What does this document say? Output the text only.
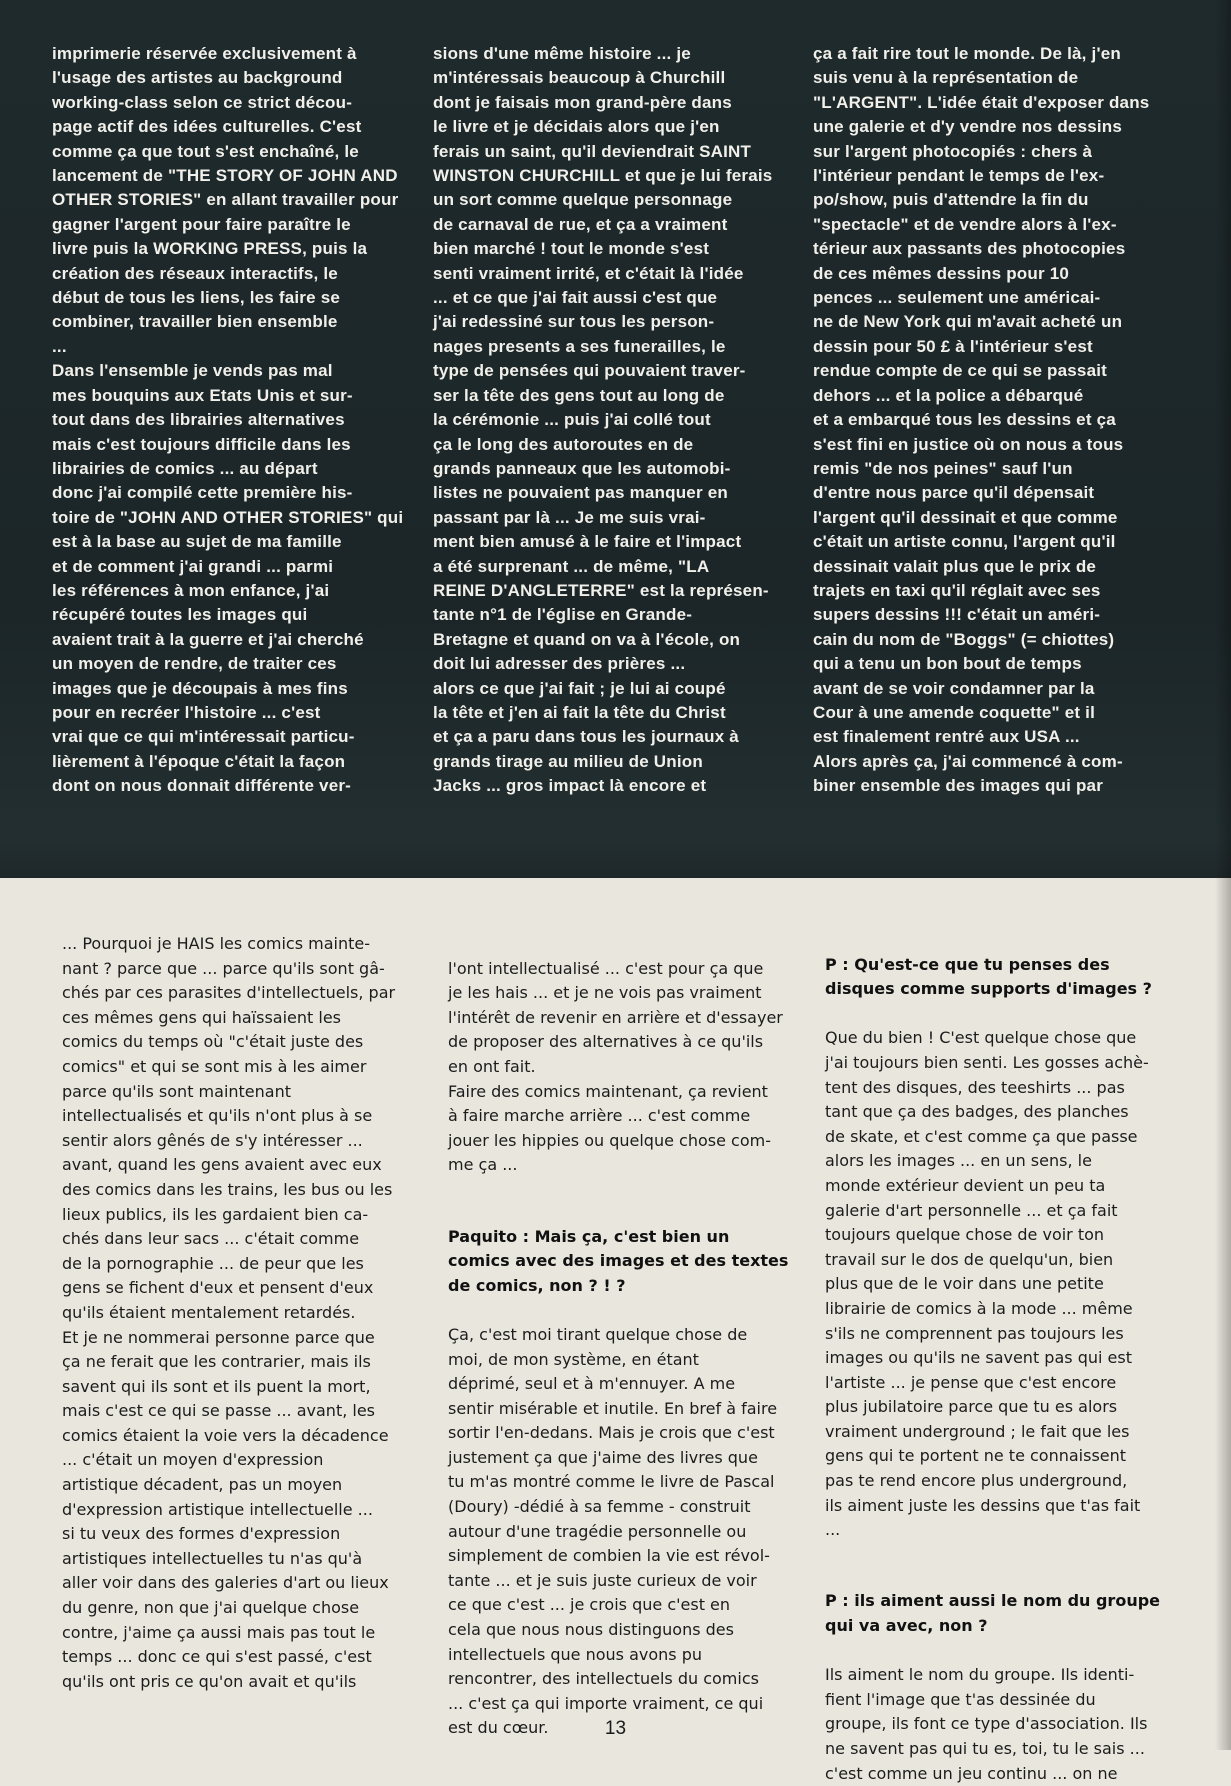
imprimerie réservée exclusivement à
l'usage des artistes au background
working-class selon ce strict décou-
page actif des idées culturelles. C'est
comme ça que tout s'est enchaîné, le
lancement de "THE STORY OF JOHN AND
OTHER STORIES" en allant travailler pour
gagner l'argent pour faire paraître le
livre puis la WORKING PRESS, puis la
création des réseaux interactifs, le
début de tous les liens, les faire se
combiner, travailler bien ensemble
...
Dans l'ensemble je vends pas mal
mes bouquins aux Etats Unis et sur-
tout dans des librairies alternatives
mais c'est toujours difficile dans les
librairies de comics ... au départ
donc j'ai compilé cette première his-
toire de "JOHN AND OTHER STORIES" qui
est à la base au sujet de ma famille
et de comment j'ai grandi ... parmi
les références à mon enfance, j'ai
récupéré toutes les images qui
avaient trait à la guerre et j'ai cherché
un moyen de rendre, de traiter ces
images que je découpais à mes fins
pour en recréer l'histoire ... c'est
vrai que ce qui m'intéressait particu-
lièrement à l'époque c'était la façon
dont on nous donnait différente ver-

sions d'une même histoire ... je
m'intéressais beaucoup à Churchill
dont je faisais mon grand-père dans
le livre et je décidais alors que j'en
ferais un saint, qu'il deviendrait SAINT
WINSTON CHURCHILL et que je lui ferais
un sort comme quelque personnage
de carnaval de rue, et ça a vraiment
bien marché ! tout le monde s'est
senti vraiment irrité, et c'était là l'idée
... et ce que j'ai fait aussi c'est que
j'ai redessiné sur tous les person-
nages presents a ses funerailles, le
type de pensées qui pouvaient traver-
ser la tête des gens tout au long de
la cérémonie ... puis j'ai collé tout
ça le long des autoroutes en de
grands panneaux que les automobi-
listes ne pouvaient pas manquer en
passant par là ... Je me suis vrai-
ment bien amusé à le faire et l'impact
a été surprenant ... de même, "LA
REINE D'ANGLETERRE" est la représen-
tante n°1 de l'église en Grande-
Bretagne et quand on va à l'école, on
doit lui adresser des prières ...
alors ce que j'ai fait ; je lui ai coupé
la tête et j'en ai fait la tête du Christ
et ça a paru dans tous les journaux à
grands tirage au milieu de Union
Jacks ... gros impact là encore et

ça a fait rire tout le monde. De là, j'en
suis venu à la représentation de
"L'ARGENT". L'idée était d'exposer dans
une galerie et d'y vendre nos dessins
sur l'argent photocopiés : chers à
l'intérieur pendant le temps de l'ex-
po/show, puis d'attendre la fin du
"spectacle" et de vendre alors à l'ex-
térieur aux passants des photocopies
de ces mêmes dessins pour 10
pences ... seulement une américai-
ne de New York qui m'avait acheté un
dessin pour 50 £ à l'intérieur s'est
rendue compte de ce qui se passait
dehors ... et la police a débarqué
et a embarqué tous les dessins et ça
s'est fini en justice où on nous a tous
remis "de nos peines" sauf l'un
d'entre nous parce qu'il dépensait
l'argent qu'il dessinait et que comme
c'était un artiste connu, l'argent qu'il
dessinait valait plus que le prix de
trajets en taxi qu'il réglait avec ses
supers dessins !!! c'était un améri-
cain du nom de "Boggs" (= chiottes)
qui a tenu un bon bout de temps
avant de se voir condamner par la
Cour à une amende coquette" et il
est finalement rentré aux USA ...
Alors après ça, j'ai commencé à com-
biner ensemble des images qui par

... Pourquoi je HAIS les comics mainte-
nant ? parce que ... parce qu'ils sont gâ-
chés par ces parasites d'intellectuels, par
ces mêmes gens qui haïssaient les
comics du temps où "c'était juste des
comics" et qui se sont mis à les aimer
parce qu'ils sont maintenant
intellectualisés et qu'ils n'ont plus à se
sentir alors gênés de s'y intéresser ...
avant, quand les gens avaient avec eux
des comics dans les trains, les bus ou les
lieux publics, ils les gardaient bien ca-
chés dans leur sacs ... c'était comme
de la pornographie ... de peur que les
gens se fichent d'eux et pensent d'eux
qu'ils étaient mentalement retardés.
Et je ne nommerai personne parce que
ça ne ferait que les contrarier, mais ils
savent qui ils sont et ils puent la mort,
mais c'est ce qui se passe ... avant, les
comics étaient la voie vers la décadence
... c'était un moyen d'expression
artistique décadent, pas un moyen
d'expression artistique intellectuelle ...
si tu veux des formes d'expression
artistiques intellectuelles tu n'as qu'à
aller voir dans des galeries d'art ou lieux
du genre, non que j'ai quelque chose
contre, j'aime ça aussi mais pas tout le
temps ... donc ce qui s'est passé, c'est
qu'ils ont pris ce qu'on avait et qu'ils

l'ont intellectualisé ... c'est pour ça que
je les hais ... et je ne vois pas vraiment
l'intérêt de revenir en arrière et d'essayer
de proposer des alternatives à ce qu'ils
en ont fait.
Faire des comics maintenant, ça revient
à faire marche arrière ... c'est comme
jouer les hippies ou quelque chose com-
me ça ...

Paquito : Mais ça, c'est bien un
comics avec des images et des textes
de comics, non ? ! ?

Ça, c'est moi tirant quelque chose de
moi, de mon système, en étant
déprimé, seul et à m'ennuyer. A me
sentir misérable et inutile. En bref à faire
sortir l'en-dedans. Mais je crois que c'est
justement ça que j'aime des livres que
tu m'as montré comme le livre de Pascal
(Doury) -dédié à sa femme - construit
autour d'une tragédie personnelle ou
simplement de combien la vie est révol-
tante ... et je suis juste curieux de voir
ce que c'est ... je crois que c'est en
cela que nous nous distinguons des
intellectuels que nous avons pu
rencontrer, des intellectuels du comics
... c'est ça qui importe vraiment, ce qui
est du cœur.

P : Qu'est-ce que tu penses des
disques comme supports d'images ?

Que du bien ! C'est quelque chose que
j'ai toujours bien senti. Les gosses achè-
tent des disques, des teeshirts ... pas
tant que ça des badges, des planches
de skate, et c'est comme ça que passe
alors les images ... en un sens, le
monde extérieur devient un peu ta
galerie d'art personnelle ... et ça fait
toujours quelque chose de voir ton
travail sur le dos de quelqu'un, bien
plus que de le voir dans une petite
librairie de comics à la mode ... même
s'ils ne comprennent pas toujours les
images ou qu'ils ne savent pas qui est
l'artiste ... je pense que c'est encore
plus jubilatoire parce que tu es alors
vraiment underground ; le fait que les
gens qui te portent ne te connaissent
pas te rend encore plus underground,
ils aiment juste les dessins que t'as fait
...

P : ils aiment aussi le nom du groupe
qui va avec, non ?

Ils aiment le nom du groupe. Ils identi-
fient l'image que t'as dessinée du
groupe, ils font ce type d'association. Ils
ne savent pas qui tu es, toi, tu le sais ...
c'est comme un jeu continu ... on ne

13
